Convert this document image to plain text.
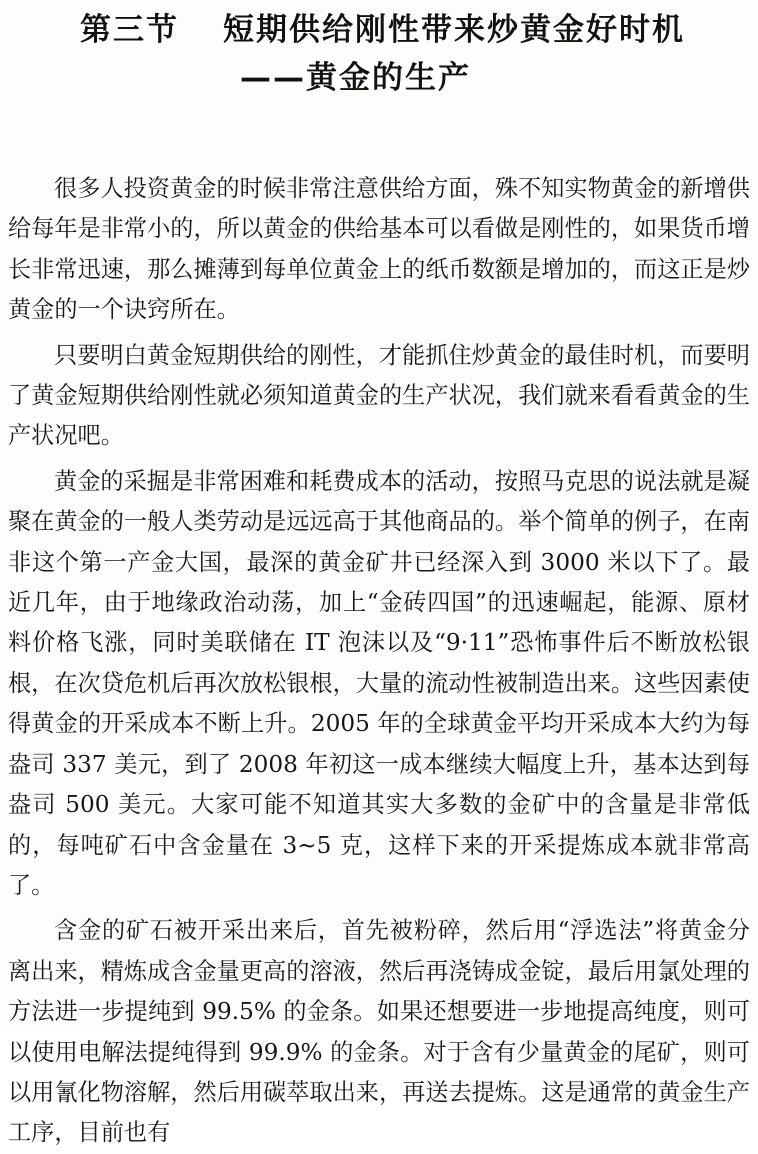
第三节 短期供给刚性带来炒黄金好时机
——黄金的生产

很多人投资黄金的时候非常注意供给方面，殊不知实物黄金的新增供给每年是非常小的，所以黄金的供给基本可以看做是刚性的，如果货币增长非常迅速，那么摊薄到每单位黄金上的纸币数额是增加的，而这正是炒黄金的一个诀窍所在。

只要明白黄金短期供给的刚性，才能抓住炒黄金的最佳时机，而要明了黄金短期供给刚性就必须知道黄金的生产状况，我们就来看看黄金的生产状况吧。

黄金的采掘是非常困难和耗费成本的活动，按照马克思的说法就是凝聚在黄金的一般人类劳动是远远高于其他商品的。举个简单的例子，在南非这个第一产金大国，最深的黄金矿井已经深入到 3000 米以下了。最近几年，由于地缘政治动荡，加上“金砖四国”的迅速崛起，能源、原材料价格飞涨，同时美联储在 IT 泡沫以及“9·11”恐怖事件后不断放松银根，在次贷危机后再次放松银根，大量的流动性被制造出来。这些因素使得黄金的开采成本不断上升。2005 年的全球黄金平均开采成本大约为每盎司 337 美元，到了 2008 年初这一成本继续大幅度上升，基本达到每盎司 500 美元。大家可能不知道其实大多数的金矿中的含量是非常低的，每吨矿石中含金量在 3~5 克，这样下来的开采提炼成本就非常高了。

含金的矿石被开采出来后，首先被粉碎，然后用“浮选法”将黄金分离出来，精炼成含金量更高的溶液，然后再浇铸成金锭，最后用氯处理的方法进一步提纯到 99.5% 的金条。如果还想要进一步地提高纯度，则可以使用电解法提纯得到 99.9% 的金条。对于含有少量黄金的尾矿，则可以用氰化物溶解，然后用碳萃取出来，再送去提炼。这是通常的黄金生产工序，目前也有
